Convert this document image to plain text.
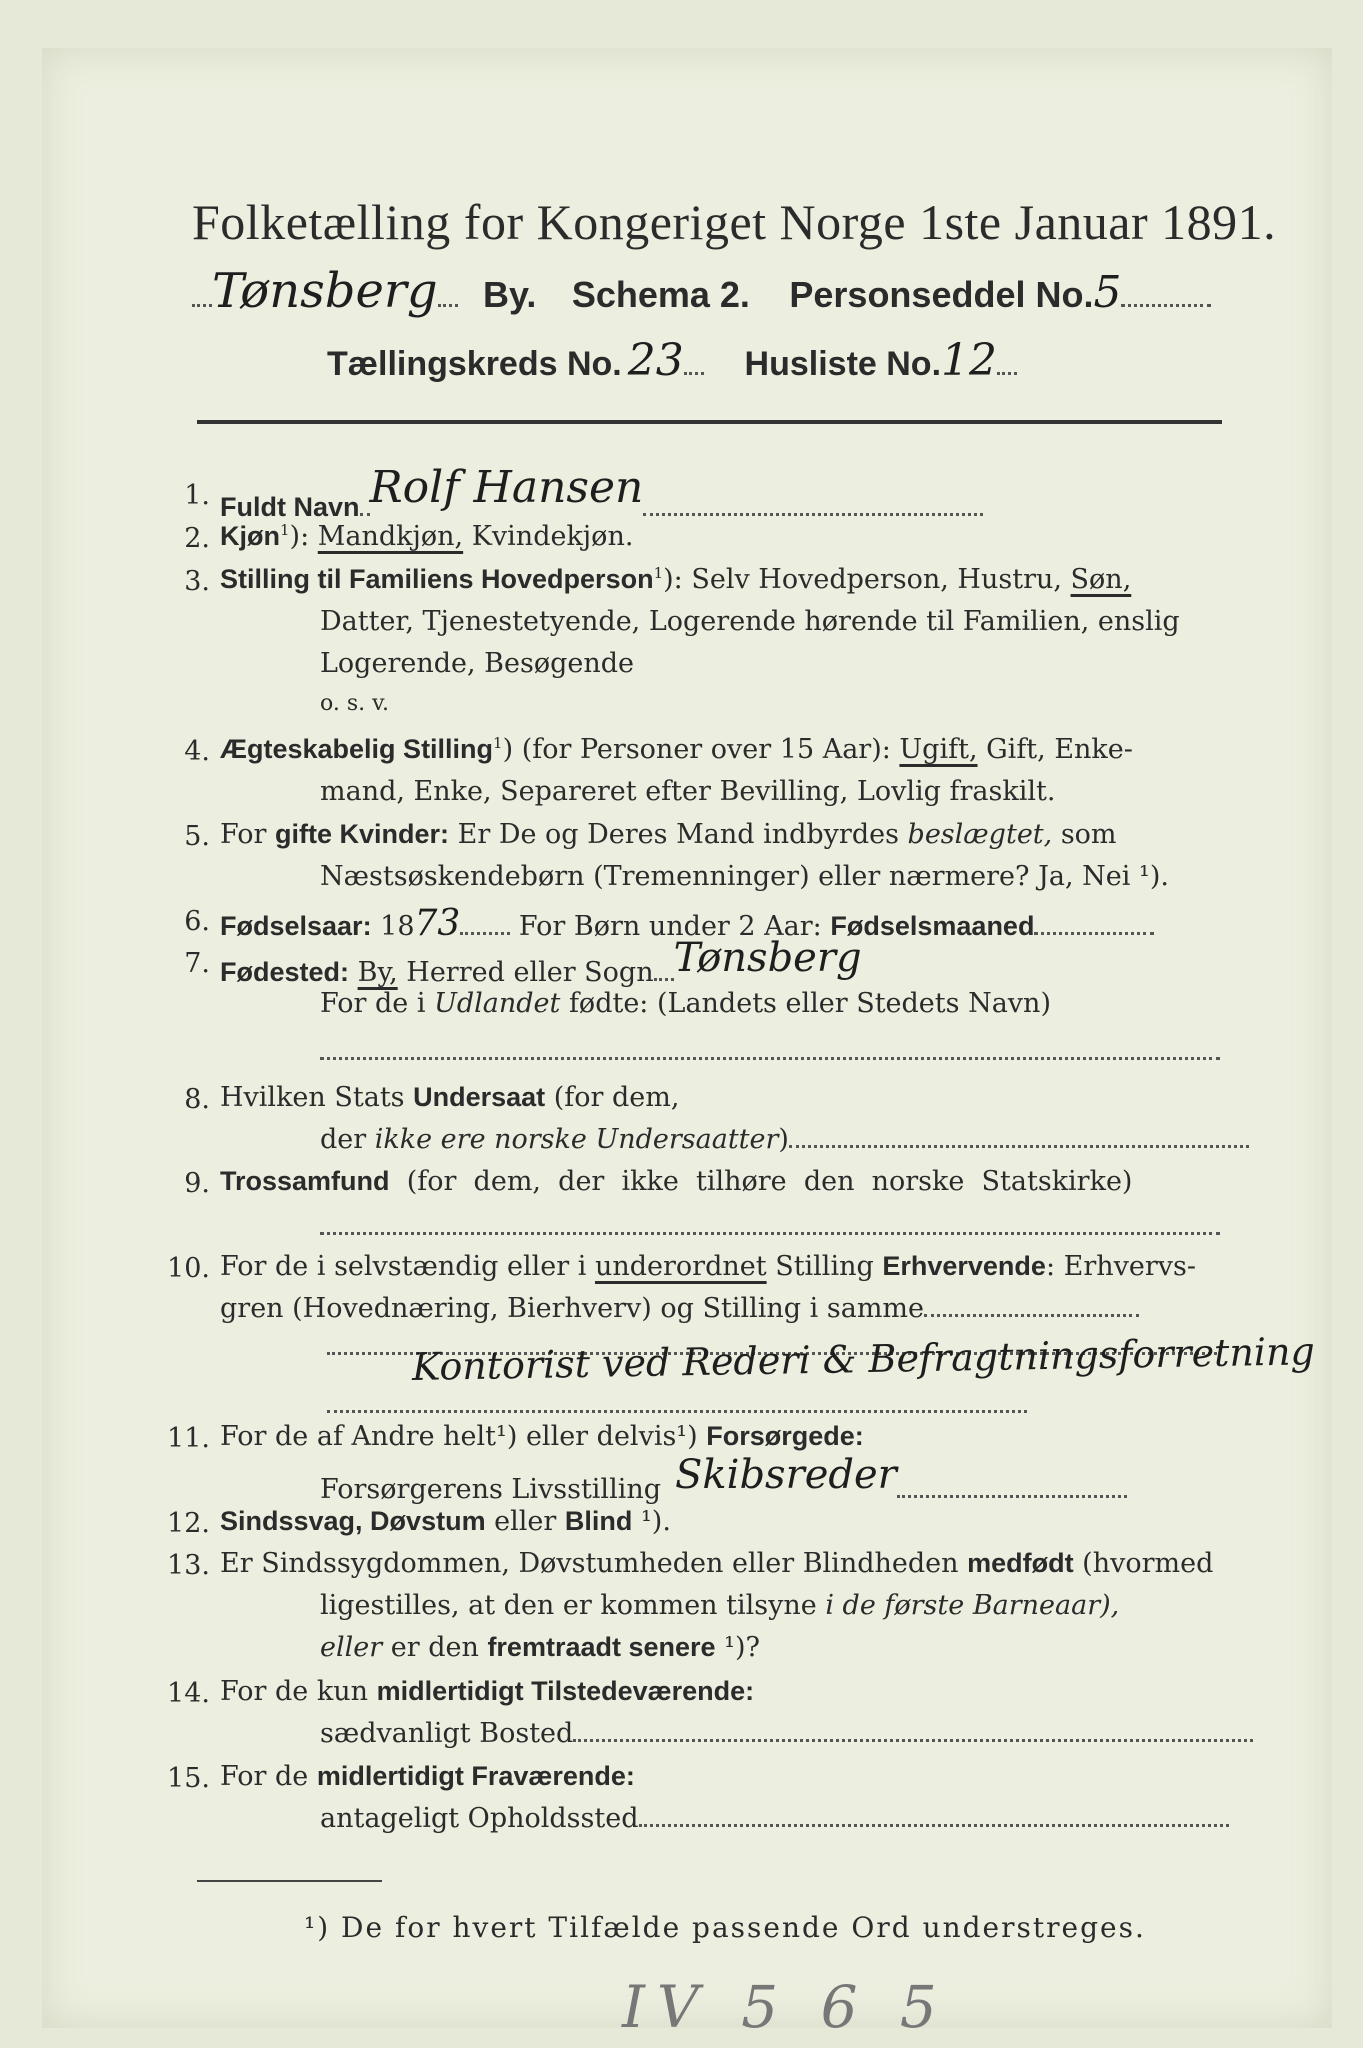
Folketælling for Kongeriget Norge 1ste Januar 1891.
Tønsberg By. Schema 2. Personseddel No.5
Tællingskreds No. 23 Husliste No.12
1. Fuldt Navn Rolf Hansen
2. Kjøn$^1$): Mandkjøn, Kvindekjøn.
3. Stilling til Familiens Hovedperson$^1$): Selv Hovedperson, Hustru, Søn,
Datter, Tjenestetyende, Logerende hørende til Familien, enslig
Logerende, Besøgende
o. s. v.
4. Ægteskabelig Stilling$^1$) (for Personer over 15 Aar): Ugift, Gift, Enke-
mand, Enke, Separeret efter Bevilling, Lovlig fraskilt.
5. For gifte Kvinder: Er De og Deres Mand indbyrdes beslægtet, som
Næstsøskendebørn (Tremenninger) eller nærmere? Ja, Nei ¹).
6. Fødselsaar: 1873 For Børn under 2 Aar: Fødselsmaaned
7. Fødested: By, Herred eller Sogn Tønsberg
For de i Udlandet fødte: (Landets eller Stedets Navn)
8. Hvilken Stats Undersaat (for dem,
der ikke ere norske Undersaatter)
9. Trossamfund  (for  dem,  der  ikke  tilhøre  den  norske  Statskirke)
10. For de i selvstændig eller i underordnet Stilling Erhvervende: Erhvervs-
gren (Hovednæring, Bierhverv) og Stilling i samme
Kontorist ved Rederi & Befragtningsforretning
11. For de af Andre helt¹) eller delvis¹) Forsørgede:
Forsørgerens Livsstilling Skibsreder
12. Sindssvag, Døvstum eller Blind ¹).
13. Er Sindssygdommen, Døvstumheden eller Blindheden medfødt (hvormed
ligestilles, at den er kommen tilsyne i de første Barneaar),
eller er den fremtraadt senere ¹)?
14. For de kun midlertidigt Tilstedeværende:
sædvanligt Bosted
15. For de midlertidigt Fraværende:
antageligt Opholdssted
¹) De for hvert Tilfælde passende Ord understreges.
IV 5 6 5
